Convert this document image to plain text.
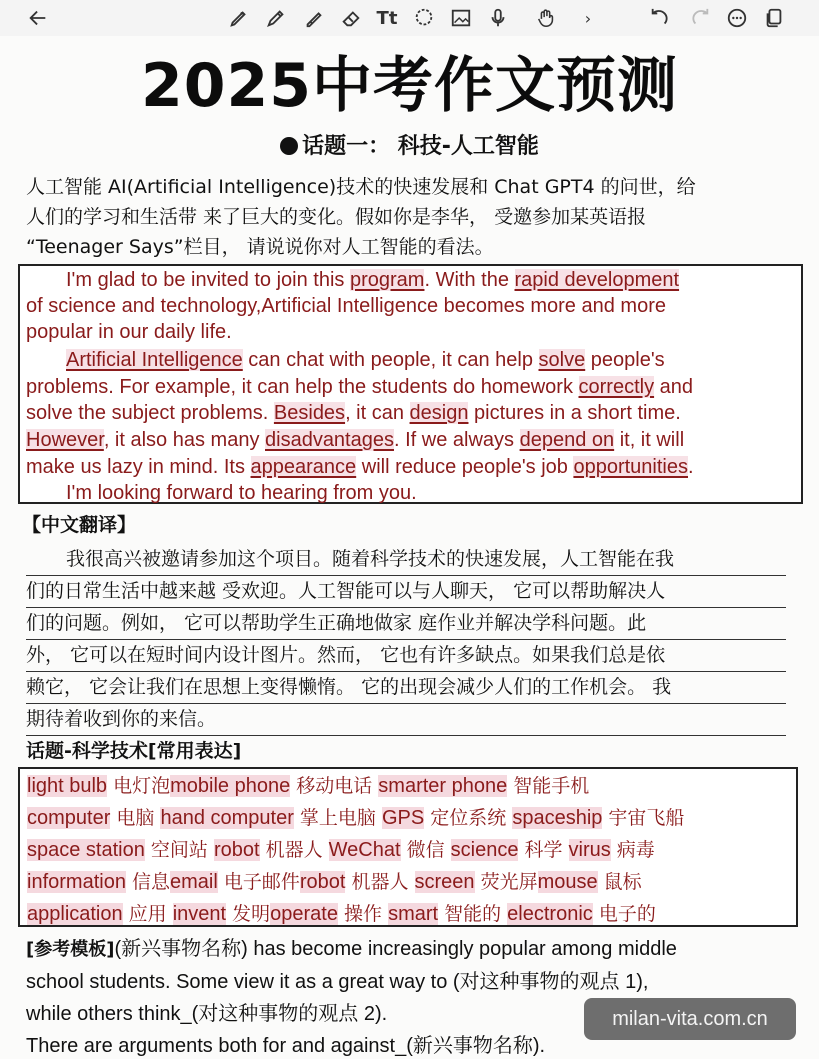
Tt	›
2025中考作文预测
话题一： 科技-人工智能

人工智能 AI(Artificial Intelligence)技术的快速发展和 Chat GPT4 的问世，给

人们的学习和生活带 来了巨大的变化。假如你是李华， 受邀参加某英语报

“Teenager Says”栏目， 请说说你对人工智能的看法。

I'm glad to be invited to join this program. With the rapid development

of science and technology,Artificial Intelligence becomes more and more

popular in our daily life.

Artificial Intelligence can chat with people, it can help solve people's

problems. For example, it can help the students do homework correctly and

solve the subject problems. Besides, it can design pictures in a short time.

However, it also has many disadvantages. If we always depend on it, it will

make us lazy in mind. Its appearance will reduce people's job opportunities.

I'm looking forward to hearing from you.

【中文翻译】

我很高兴被邀请参加这个项目。随着科学技术的快速发展，人工智能在我

们的日常生活中越来越 受欢迎。人工智能可以与人聊天， 它可以帮助解决人

们的问题。例如， 它可以帮助学生正确地做家 庭作业并解决学科问题。此

外， 它可以在短时间内设计图片。然而， 它也有许多缺点。如果我们总是依

赖它， 它会让我们在思想上变得懒惰。 它的出现会减少人们的工作机会。 我

期待着收到你的来信。

话题-科学技术[常用表达]

light bulb 电灯泡mobile phone 移动电话 smarter phone 智能手机

computer 电脑 hand computer 掌上电脑 GPS 定位系统 spaceship 宇宙飞船

space station 空间站 robot 机器人 WeChat 微信 science 科学 virus 病毒

information 信息email 电子邮件robot 机器人 screen 荧光屏mouse 鼠标

application 应用 invent 发明operate 操作 smart 智能的 electronic 电子的

[参考模板](新兴事物名称) has become increasingly popular among middle

school students. Some view it as a great way to (对这种事物的观点 1),

while others think_(对这种事物的观点 2).

There are arguments both for and against_(新兴事物名称).

milan-vita.com.cn
